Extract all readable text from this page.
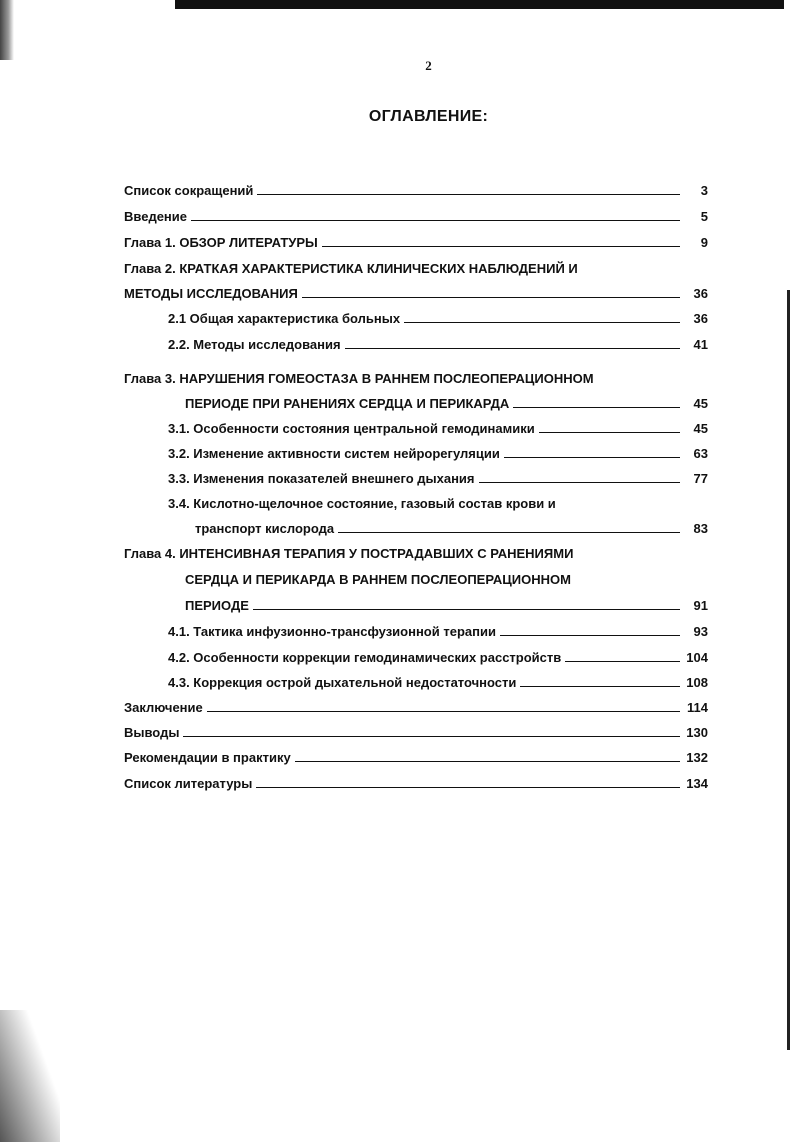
2
ОГЛАВЛЕНИЕ:
Список сокращений	3
Введение	5
Глава 1. ОБЗОР ЛИТЕРАТУРЫ	9
Глава 2. КРАТКАЯ ХАРАКТЕРИСТИКА КЛИНИЧЕСКИХ НАБЛЮДЕНИЙ И
МЕТОДЫ ИССЛЕДОВАНИЯ	36
2.1 Общая характеристика больных	36
2.2. Методы исследования	41
Глава 3. НАРУШЕНИЯ ГОМЕОСТАЗА В РАННЕМ ПОСЛЕОПЕРАЦИОННОМ
ПЕРИОДЕ ПРИ РАНЕНИЯХ СЕРДЦА И ПЕРИКАРДА	45
3.1. Особенности состояния центральной гемодинамики	45
3.2. Изменение активности систем нейрорегуляции	63
3.3. Изменения показателей внешнего дыхания	77
3.4. Кислотно-щелочное состояние, газовый состав крови и
транспорт кислорода	83
Глава 4. ИНТЕНСИВНАЯ ТЕРАПИЯ У ПОСТРАДАВШИХ С РАНЕНИЯМИ
СЕРДЦА И ПЕРИКАРДА В РАННЕМ ПОСЛЕОПЕРАЦИОННОМ
ПЕРИОДЕ	91
4.1. Тактика инфузионно-трансфузионной терапии	93
4.2. Особенности коррекции гемодинамических расстройств	104
4.3. Коррекция острой дыхательной недостаточности	108
Заключение	114
Выводы	130
Рекомендации в практику	132
Список литературы	134
